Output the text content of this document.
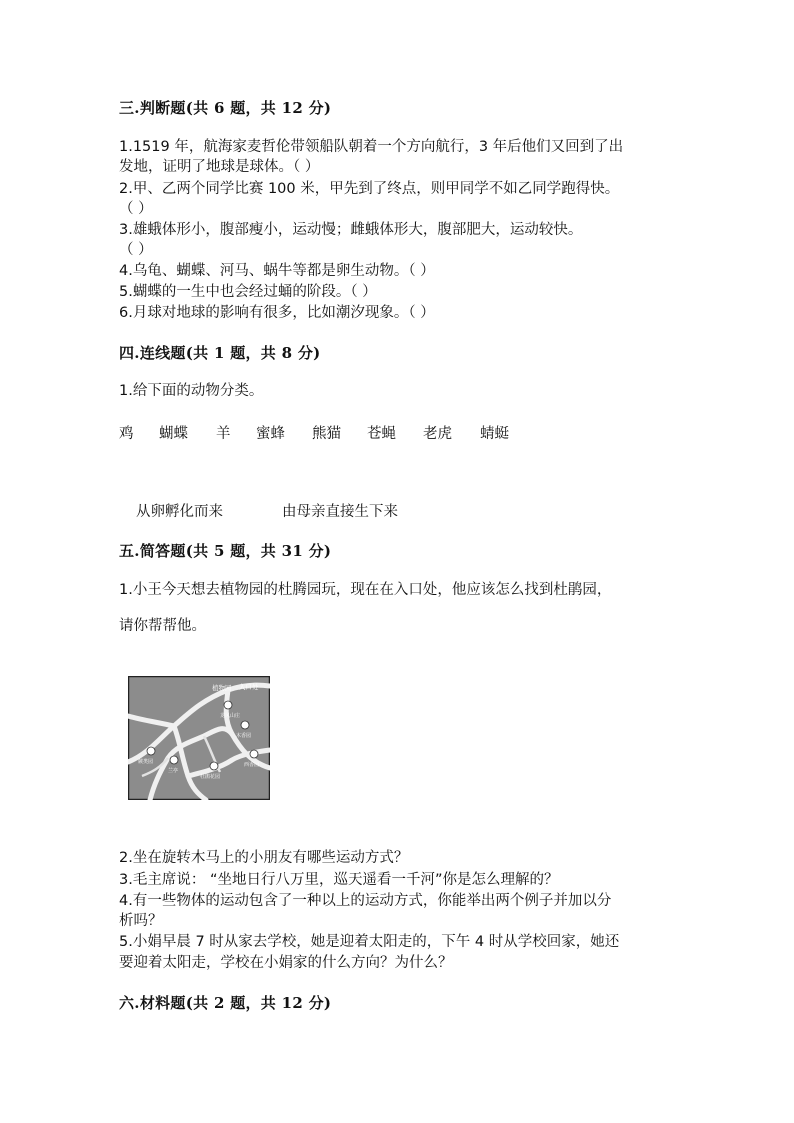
三.判断题(共 6 题，共 12 分)
1.1519 年，航海家麦哲伦带领船队朝着一个方向航行，3 年后他们又回到了出
发地，证明了地球是球体。（ ）
2.甲、乙两个同学比赛 100 米，甲先到了终点，则甲同学不如乙同学跑得快。
（ ）
3.雄蛾体形小，腹部瘦小，运动慢；雌蛾体形大，腹部肥大，运动较快。
（ ）
4.乌龟、蝴蝶、河马、蜗牛等都是卵生动物。（ ）
5.蝴蝶的一生中也会经过蛹的阶段。（ ）
6.月球对地球的影响有很多，比如潮汐现象。（ ）
四.连线题(共 1 题，共 8 分)
1.给下面的动物分类。
鸡 蝴蝶 羊 蜜蜂 熊猫 苍蝇 老虎 蜻蜓
从卵孵化而来	由母亲直接生下来
五.简答题(共 5 题，共 31 分)
1.小王今天想去植物园的杜腾园玩，现在在入口处，他应该怎么找到杜鹃园，
请你帮帮他。
植物园 入口处
龙风山庄
木香园
西香园
蕨类园
兰亭
杜鹃花园
2.坐在旋转木马上的小朋友有哪些运动方式？
3.毛主席说： “坐地日行八万里，巡天遥看一千河”你是怎么理解的？
4.有一些物体的运动包含了一种以上的运动方式，你能举出两个例子并加以分
析吗？
5.小娟早晨 7 时从家去学校，她是迎着太阳走的，下午 4 时从学校回家，她还
要迎着太阳走，学校在小娟家的什么方向？为什么？
六.材料题(共 2 题，共 12 分)
